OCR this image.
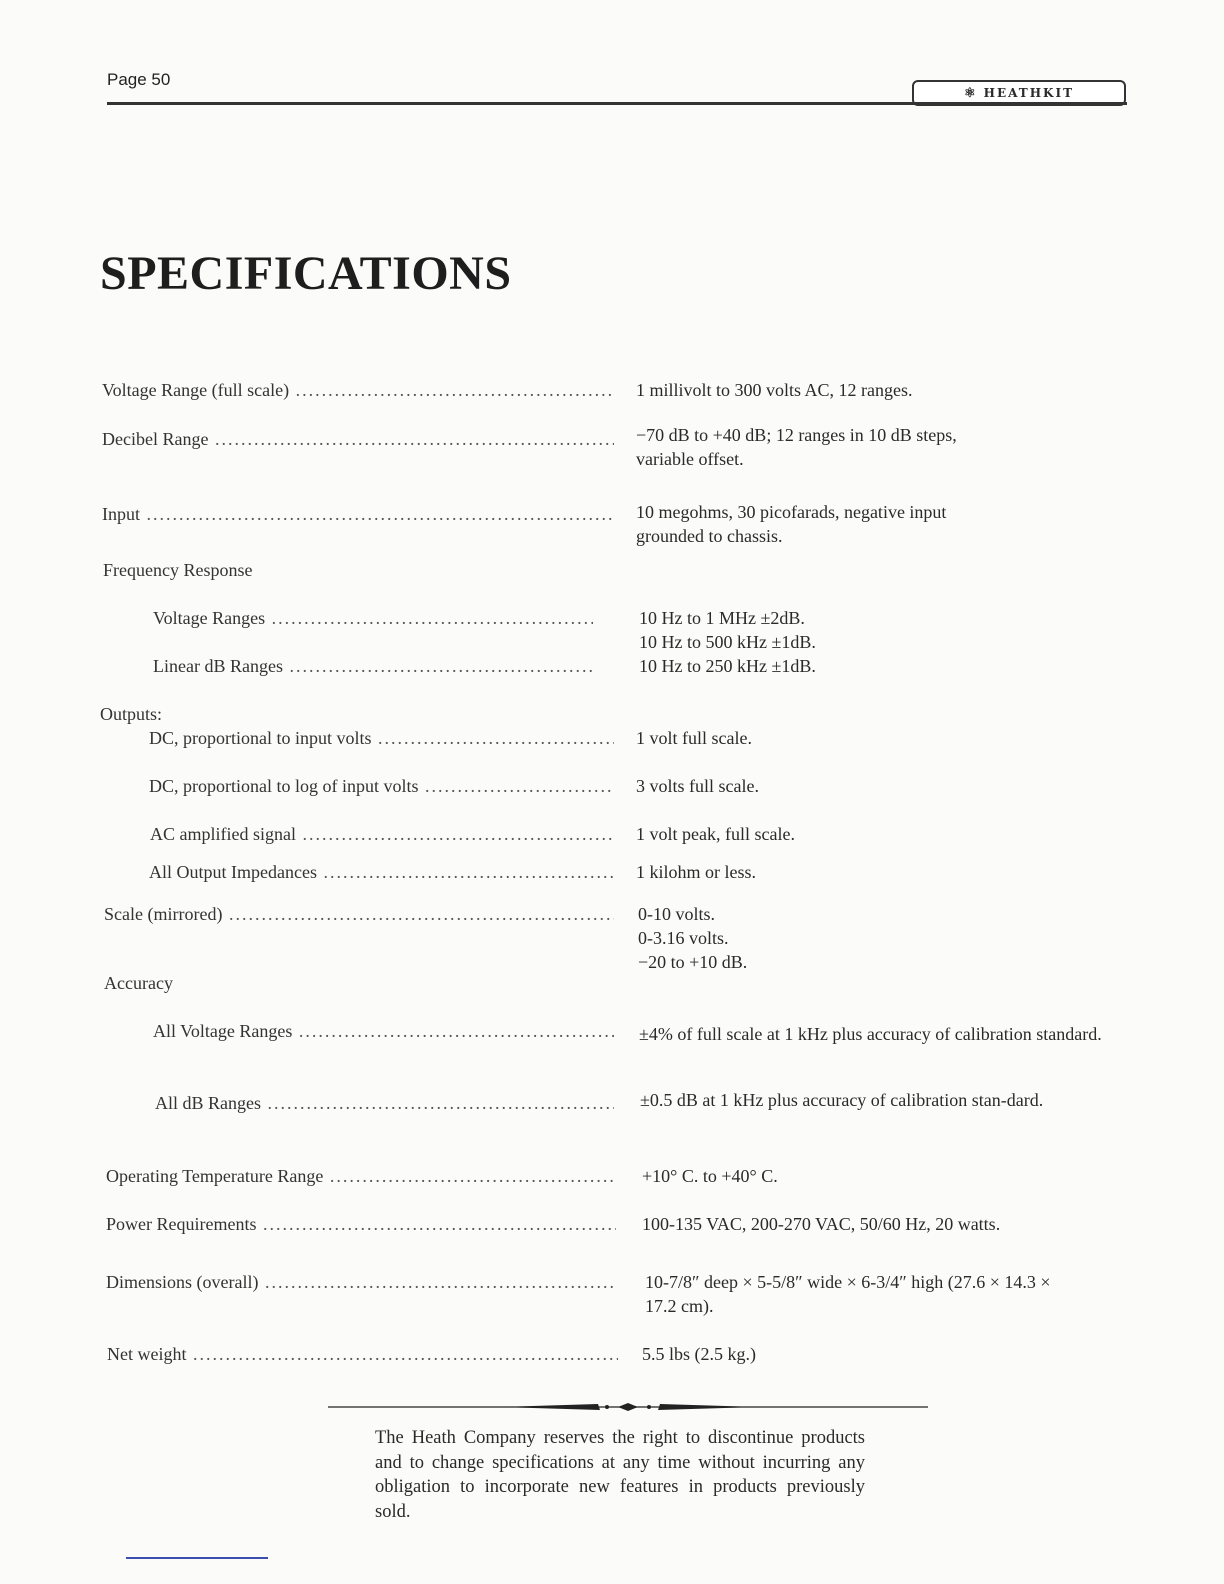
Page 50
⚛ HEATHKIT
SPECIFICATIONS
Voltage Range (full scale) .....	1 millivolt to 300 volts AC, 12 ranges.
Decibel Range .....	−70 dB to +40 dB; 12 ranges in 10 dB steps, variable offset.
Input .....	10 megohms, 30 picofarads, negative input grounded to chassis.
Frequency Response
Voltage Ranges .....	10 Hz to 1 MHz ±2dB.
10 Hz to 500 kHz ±1dB.
Linear dB Ranges .....	10 Hz to 250 kHz ±1dB.
Outputs:
DC, proportional to input volts .....	1 volt full scale.
DC, proportional to log of input volts .....	3 volts full scale.
AC amplified signal .....	1 volt peak, full scale.
All Output Impedances .....	1 kilohm or less.
Scale (mirrored) .....	0-10 volts.
0-3.16 volts.
−20 to +10 dB.
Accuracy
All Voltage Ranges .....	±4% of full scale at 1 kHz plus accuracy of calibration standard.
All dB Ranges .....	±0.5 dB at 1 kHz plus accuracy of calibration stan-dard.
Operating Temperature Range .....	+10° C. to +40° C.
Power Requirements .....	100-135 VAC, 200-270 VAC, 50/60 Hz, 20 watts.
Dimensions (overall) .....	10-7/8″ deep × 5-5/8″ wide × 6-3/4″ high (27.6 × 14.3 × 17.2 cm).
Net weight .....	5.5 lbs (2.5 kg.)
The Heath Company reserves the right to discontinue products and to change specifications at any time without incurring any obligation to incorporate new features in products previously sold.
